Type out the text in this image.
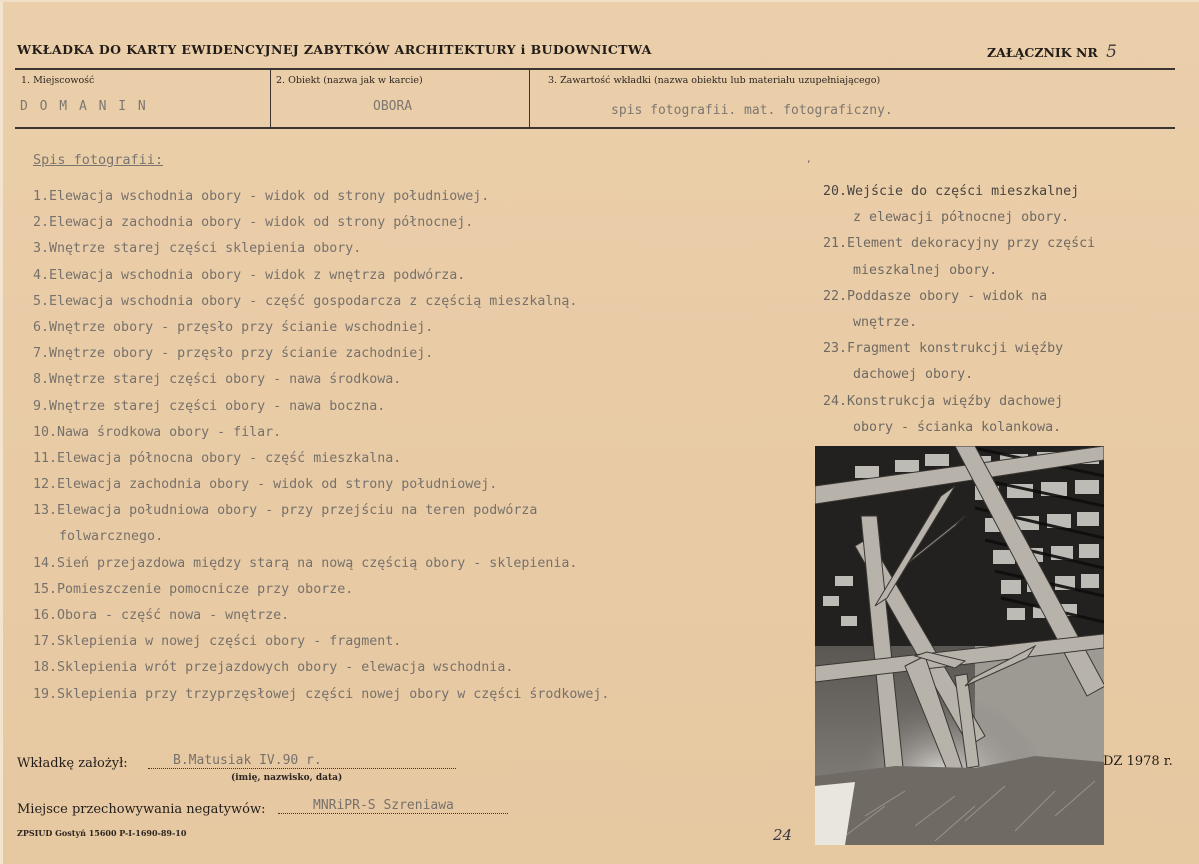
WKŁADKA DO KARTY EWIDENCYJNEJ ZABYTKÓW ARCHITEKTURY i BUDOWNICTWA	ZAŁĄCZNIK NR 5
1. Miejscowość
D O M A N I N
2. Obiekt (nazwa jak w karcie)
OBORA
3. Zawartość wkładki (nazwa obiektu lub materiału uzupełniającego)
spis fotografii. mat. fotograficzny.
Spis fotografii:
1.Elewacja wschodnia obory - widok od strony południowej.
2.Elewacja zachodnia obory - widok od strony północnej.
3.Wnętrze starej części sklepienia obory.
4.Elewacja wschodnia obory - widok z wnętrza podwórza.
5.Elewacja wschodnia obory - część gospodarcza z częścią mieszkalną.
6.Wnętrze obory - przęsło przy ścianie wschodniej.
7.Wnętrze obory - przęsło przy ścianie zachodniej.
8.Wnętrze starej części obory - nawa środkowa.
9.Wnętrze starej części obory - nawa boczna.
10.Nawa środkowa obory - filar.
11.Elewacja północna obory - część mieszkalna.
12.Elewacja zachodnia obory - widok od strony południowej.
13.Elewacja południowa obory - przy przejściu na teren podwórza
folwarcznego.
14.Sień przejazdowa między starą na nową częścią obory - sklepienia.
15.Pomieszczenie pomocnicze przy oborze.
16.Obora - część nowa - wnętrze.
17.Sklepienia w nowej części obory - fragment.
18.Sklepienia wrót przejazdowych obory - elewacja wschodnia.
19.Sklepienia przy trzyprzęsłowej części nowej obory w części środkowej.
20.Wejście do części mieszkalnej
z elewacji północnej obory.
21.Element dekoracyjny przy części
mieszkalnej obory.
22.Poddasze obory - widok na
wnętrze.
23.Fragment konstrukcji więźby
dachowej obory.
24.Konstrukcja więźby dachowej
obory - ścianka kolankowa.
Wkładkę założył:	B.Matusiak IV.90 r.
(imię, nazwisko, data)
Miejsce przechowywania negatywów:	MNRiPR-S Szreniawa
ZPSIUD Gostyń 15600 P-I-1690-89-10
DZ 1978 r.
24
,
